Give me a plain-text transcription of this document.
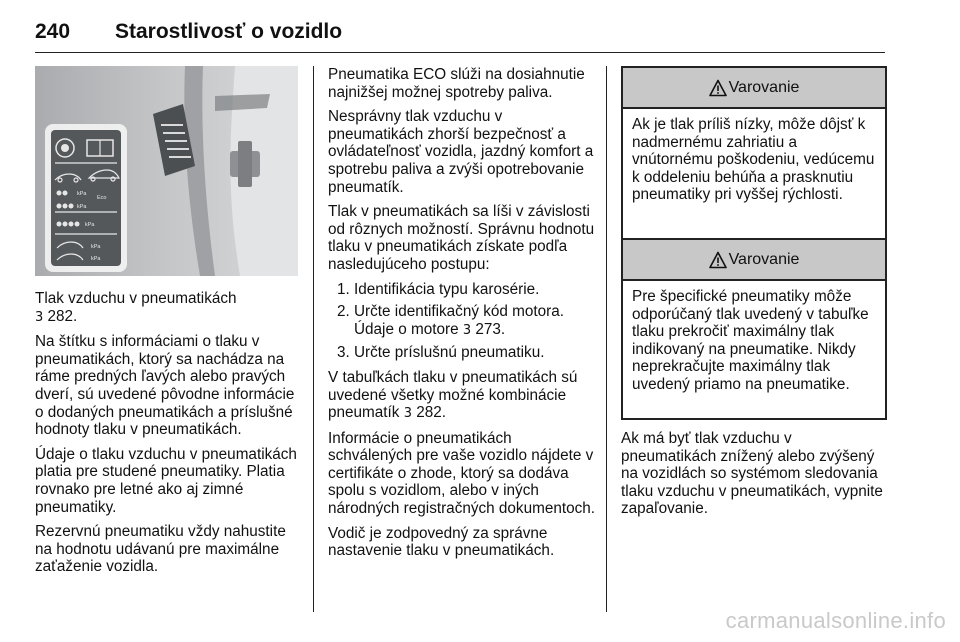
240 Starostlivosť o vozidlo
kPa
kPa
Eco
kPa
kPa
kPa

Tlak vzduchu v pneumatikách
3 282.

Na štítku s informáciami o tlaku v pneumatikách, ktorý sa nachádza na ráme predných ľavých alebo pravých dverí, sú uvedené pôvodne informácie o dodaných pneumatikách a príslušné hodnoty tlaku v pneumatikách.

Údaje o tlaku vzduchu v pneumatikách platia pre studené pneumatiky. Platia rovnako pre letné ako aj zimné pneumatiky.

Rezervnú pneumatiku vždy nahustite na hodnotu udávanú pre maximálne zaťaženie vozidla.

Pneumatika ECO slúži na dosiahnutie najnižšej možnej spotreby paliva.

Nesprávny tlak vzduchu v pneumatikách zhorší bezpečnosť a ovládateľnosť vozidla, jazdný komfort a spotrebu paliva a zvýši opotrebovanie pneumatík.

Tlak v pneumatikách sa líši v závislosti od rôznych možností. Správnu hodnotu tlaku v pneumatikách získate podľa nasledujúceho postupu:

1. Identifikácia typu karosérie.
2. Určte identifikačný kód motora. Údaje o motore 3 273.
3. Určte príslušnú pneumatiku.

V tabuľkách tlaku v pneumatikách sú uvedené všetky možné kombinácie pneumatík 3 282.

Informácie o pneumatikách schválených pre vaše vozidlo nájdete v certifikáte o zhode, ktorý sa dodáva spolu s vozidlom, alebo v iných národných registračných dokumentoch.

Vodič je zodpovedný za správne nastavenie tlaku v pneumatikách.

Varovanie
Ak je tlak príliš nízky, môže dôjsť k nadmernému zahriatiu a vnútornému poškodeniu, vedúcemu k oddeleniu behúňa a prasknutiu pneumatiky pri vyššej rýchlosti.
Varovanie
Pre špecifické pneumatiky môže odporúčaný tlak uvedený v tabuľke tlaku prekročiť maximálny tlak indikovaný na pneumatike. Nikdy neprekračujte maximálny tlak uvedený priamo na pneumatike.

Ak má byť tlak vzduchu v pneumatikách znížený alebo zvýšený na vozidlách so systémom sledovania tlaku vzduchu v pneumatikách, vypnite zapaľovanie.

carmanualsonline.info
